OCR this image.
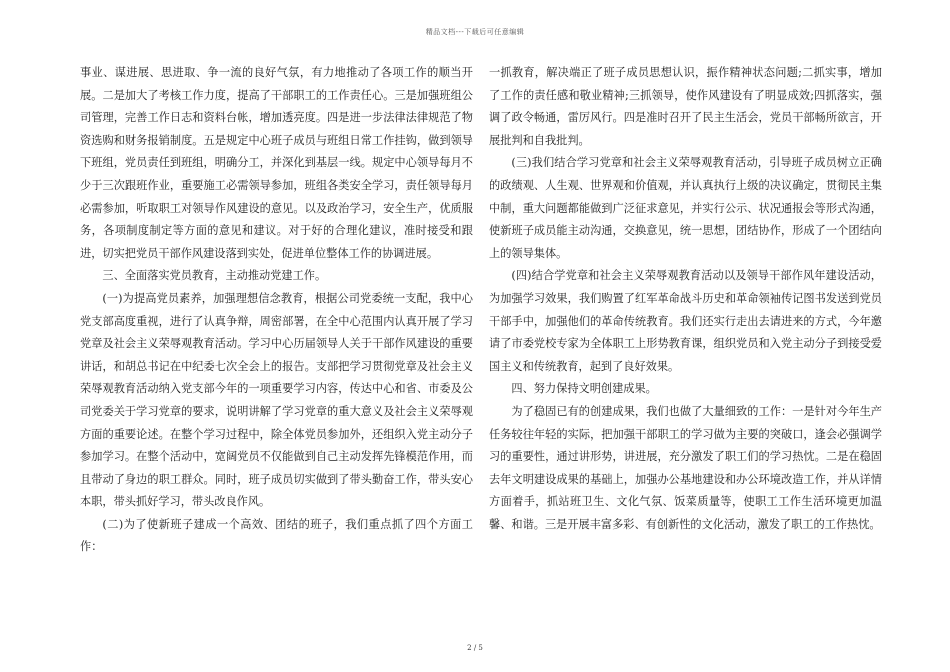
精品文档---下载后可任意编辑

事业、谋进展、思进取、争一流的良好气氛，有力地推动了各项工作的顺当开展。二是加大了考核工作力度，提高了干部职工的工作责任心。三是加强班组公司管理，完善工作日志和资料台帐，增加透亮度。四是进一步法律法律规范了物资选购和财务报销制度。五是规定中心班子成员与班组日常工作挂钩，做到领导下班组，党员责任到班组，明确分工，并深化到基层一线。规定中心领导每月不少于三次跟班作业，重要施工必需领导参加，班组各类安全学习，责任领导每月必需参加，听取职工对领导作风建设的意见。以及政治学习，安全生产，优质服务，各项制度制定等方面的意见和建议。对于好的合理化建议，准时接受和跟进，切实把党员干部作风建设落到实处，促进单位整体工作的协调进展。

三、全面落实党员教育，主动推动党建工作。

(一)为提高党员素养，加强理想信念教育，根据公司党委统一支配，我中心党支部高度重视，进行了认真争辩，周密部署，在全中心范围内认真开展了学习党章及社会主义荣辱观教育活动。学习中心历届领导人关于干部作风建设的重要讲话，和胡总书记在中纪委七次全会上的报告。支部把学习贯彻党章及社会主义荣辱观教育活动纳入党支部今年的一项重要学习内容，传达中心和省、市委及公司党委关于学习党章的要求，说明讲解了学习党章的重大意义及社会主义荣辱观方面的重要论述。在整个学习过程中，除全体党员参加外，还组织入党主动分子参加学习。在整个活动中，宽阔党员不仅能做到自己主动发挥先锋模范作用，而且带动了身边的职工群众。同时，班子成员切实做到了带头勤奋工作，带头安心本职，带头抓好学习，带头改良作风。

(二)为了使新班子建成一个高效、团结的班子，我们重点抓了四个方面工作：

一抓教育，解决端正了班子成员思想认识，振作精神状态问题;二抓实事，增加了工作的责任感和敬业精神;三抓领导，使作风建设有了明显成效;四抓落实，强调了政令畅通，雷厉风行。四是准时召开了民主生活会，党员干部畅所欲言，开展批判和自我批判。

(三)我们结合学习党章和社会主义荣辱观教育活动，引导班子成员树立正确的政绩观、人生观、世界观和价值观，并认真执行上级的决议确定，贯彻民主集中制，重大问题都能做到广泛征求意见，并实行公示、状况通报会等形式沟通，使新班子成员能主动沟通，交换意见，统一思想，团结协作，形成了一个团结向上的领导集体。

(四)结合学党章和社会主义荣辱观教育活动以及领导干部作风年建设活动，为加强学习效果，我们购置了红军革命战斗历史和革命领袖传记图书发送到党员干部手中，加强他们的革命传统教育。我们还实行走出去请进来的方式，今年邀请了市委党校专家为全体职工上形势教育课，组织党员和入党主动分子到接受爱国主义和传统教育，起到了良好效果。

四、努力保持文明创建成果。

为了稳固已有的创建成果，我们也做了大量细致的工作：一是针对今年生产任务较往年轻的实际，把加强干部职工的学习做为主要的突破口，逢会必强调学习的重要性，通过讲形势，讲进展，充分激发了职工们的学习热忱。二是在稳固去年文明建设成果的基础上，加强办公基地建设和办公环境改造工作，并从详情方面着手，抓站班卫生、文化气氛、饭菜质量等，使职工工作生活环境更加温馨、和谐。三是开展丰富多彩、有创新性的文化活动，激发了职工的工作热忱。

2 / 5
